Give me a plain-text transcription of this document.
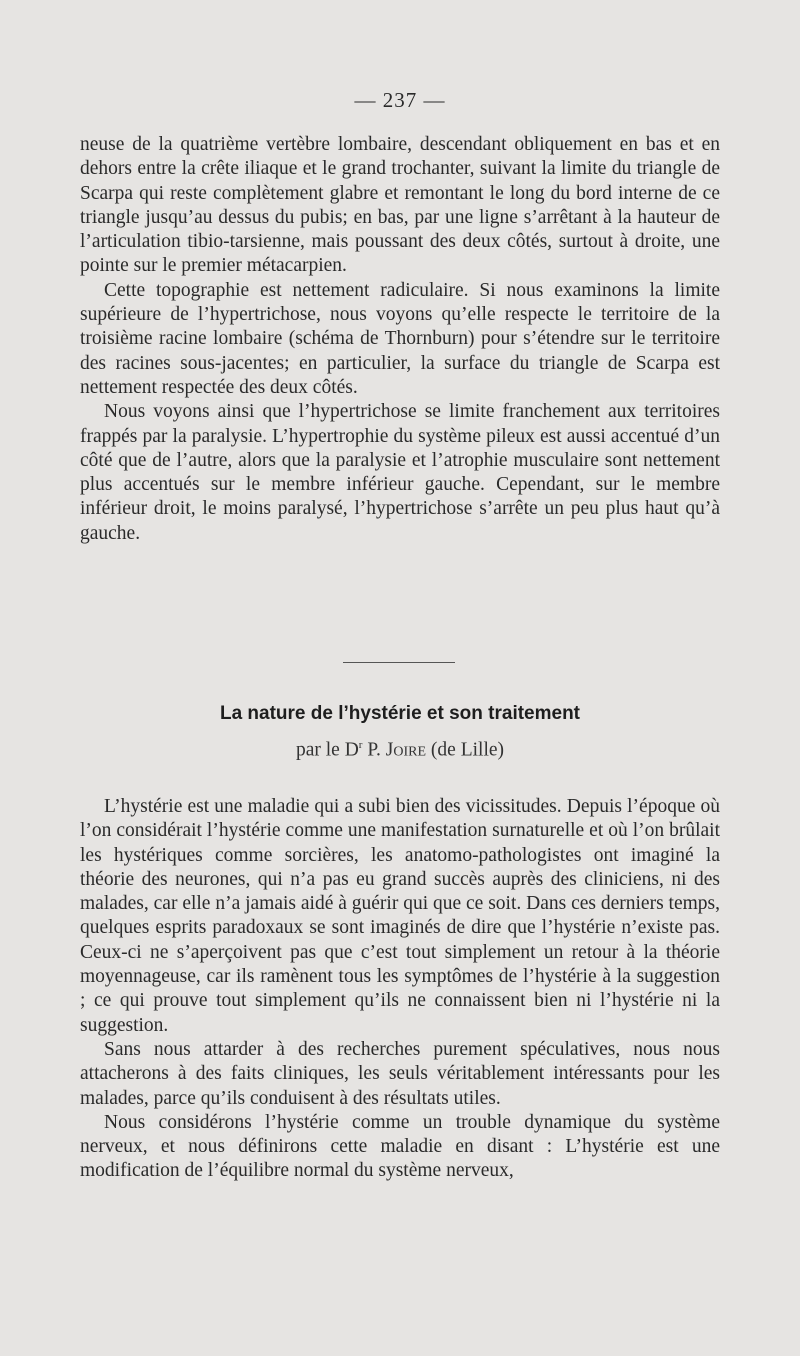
— 237 —

neuse de la quatrième vertèbre lombaire, descendant obliquement en bas et en dehors entre la crête iliaque et le grand trochanter, suivant la limite du triangle de Scarpa qui reste complètement glabre et remontant le long du bord interne de ce triangle jusqu’au dessus du pubis; en bas, par une ligne s’arrêtant à la hauteur de l’articulation tibio-tarsienne, mais poussant des deux côtés, surtout à droite, une pointe sur le premier métacarpien.

Cette topographie est nettement radiculaire. Si nous examinons la limite supérieure de l’hypertrichose, nous voyons qu’elle respecte le territoire de la troisième racine lombaire (schéma de Thornburn) pour s’étendre sur le territoire des racines sous-jacentes; en particulier, la surface du triangle de Scarpa est nettement respectée des deux côtés.

Nous voyons ainsi que l’hypertrichose se limite franchement aux territoires frappés par la paralysie. L’hypertrophie du système pileux est aussi accentué d’un côté que de l’autre, alors que la paralysie et l’atrophie musculaire sont nettement plus accentués sur le membre inférieur gauche. Cependant, sur le membre inférieur droit, le moins paralysé, l’hypertrichose s’arrête un peu plus haut qu’à gauche.

La nature de l’hystérie et son traitement
par le $D^r$ P. Joire (de Lille)

L’hystérie est une maladie qui a subi bien des vicissitudes. Depuis l’époque où l’on considérait l’hystérie comme une manifestation surnaturelle et où l’on brûlait les hystériques comme sorcières, les anatomo-pathologistes ont imaginé la théorie des neurones, qui n’a pas eu grand succès auprès des cliniciens, ni des malades, car elle n’a jamais aidé à guérir qui que ce soit. Dans ces derniers temps, quelques esprits paradoxaux se sont imaginés de dire que l’hystérie n’existe pas. Ceux-ci ne s’aperçoivent pas que c’est tout simplement un retour à la théorie moyennageuse, car ils ramènent tous les symptômes de l’hystérie à la suggestion ; ce qui prouve tout simplement qu’ils ne connaissent bien ni l’hystérie ni la suggestion.

Sans nous attarder à des recherches purement spéculatives, nous nous attacherons à des faits cliniques, les seuls véritablement intéressants pour les malades, parce qu’ils conduisent à des résultats utiles.

Nous considérons l’hystérie comme un trouble dynamique du système nerveux, et nous définirons cette maladie en disant : L’hystérie est une modification de l’équilibre normal du système nerveux,
